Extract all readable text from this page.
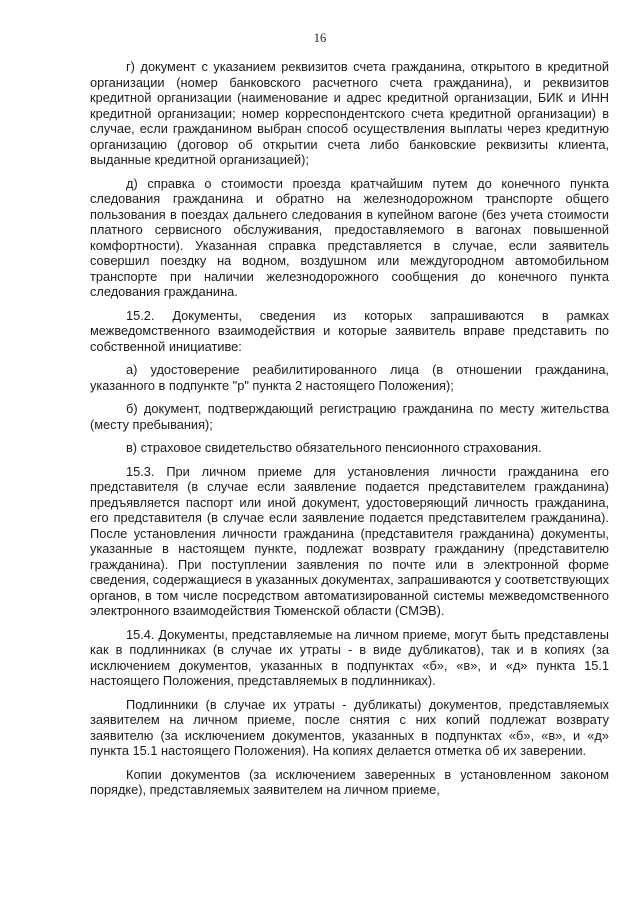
16

г) документ с указанием реквизитов счета гражданина, открытого в кредитной организации (номер банковского расчетного счета гражданина), и реквизитов кредитной организации (наименование и адрес кредитной организации, БИК и ИНН кредитной организации; номер корреспондентского счета кредитной организации) в случае, если гражданином выбран способ осуществления выплаты через кредитную организацию (договор об открытии счета либо банковские реквизиты клиента, выданные кредитной организацией);

д) справка о стоимости проезда кратчайшим путем до конечного пункта следования гражданина и обратно на железнодорожном транспорте общего пользования в поездах дальнего следования в купейном вагоне (без учета стоимости платного сервисного обслуживания, предоставляемого в вагонах повышенной комфортности). Указанная справка представляется в случае, если заявитель совершил поездку на водном, воздушном или междугородном автомобильном транспорте при наличии железнодорожного сообщения до конечного пункта следования гражданина.

15.2. Документы, сведения из которых запрашиваются в рамках межведомственного взаимодействия и которые заявитель вправе представить по собственной инициативе:

а) удостоверение реабилитированного лица (в отношении гражданина, указанного в подпункте "р" пункта 2 настоящего Положения);

б) документ, подтверждающий регистрацию гражданина по месту жительства (месту пребывания);

в) страховое свидетельство обязательного пенсионного страхования.

15.3. При личном приеме для установления личности гражданина его представителя (в случае если заявление подается представителем гражданина) предъявляется паспорт или иной документ, удостоверяющий личность гражданина, его представителя (в случае если заявление подается представителем гражданина). После установления личности гражданина (представителя гражданина) документы, указанные в настоящем пункте, подлежат возврату гражданину (представителю гражданина). При поступлении заявления по почте или в электронной форме сведения, содержащиеся в указанных документах, запрашиваются у соответствующих органов, в том числе посредством автоматизированной системы межведомственного электронного взаимодействия Тюменской области (СМЭВ).

15.4. Документы, представляемые на личном приеме, могут быть представлены как в подлинниках (в случае их утраты - в виде дубликатов), так и в копиях (за исключением документов, указанных в подпунктах «б», «в», и «д» пункта 15.1 настоящего Положения, представляемых в подлинниках).

Подлинники (в случае их утраты - дубликаты) документов, представляемых заявителем на личном приеме, после снятия с них копий подлежат возврату заявителю (за исключением документов, указанных в подпунктах «б», «в», и «д» пункта 15.1 настоящего Положения). На копиях делается отметка об их заверении.

Копии документов (за исключением заверенных в установленном законом порядке), представляемых заявителем на личном приеме,
